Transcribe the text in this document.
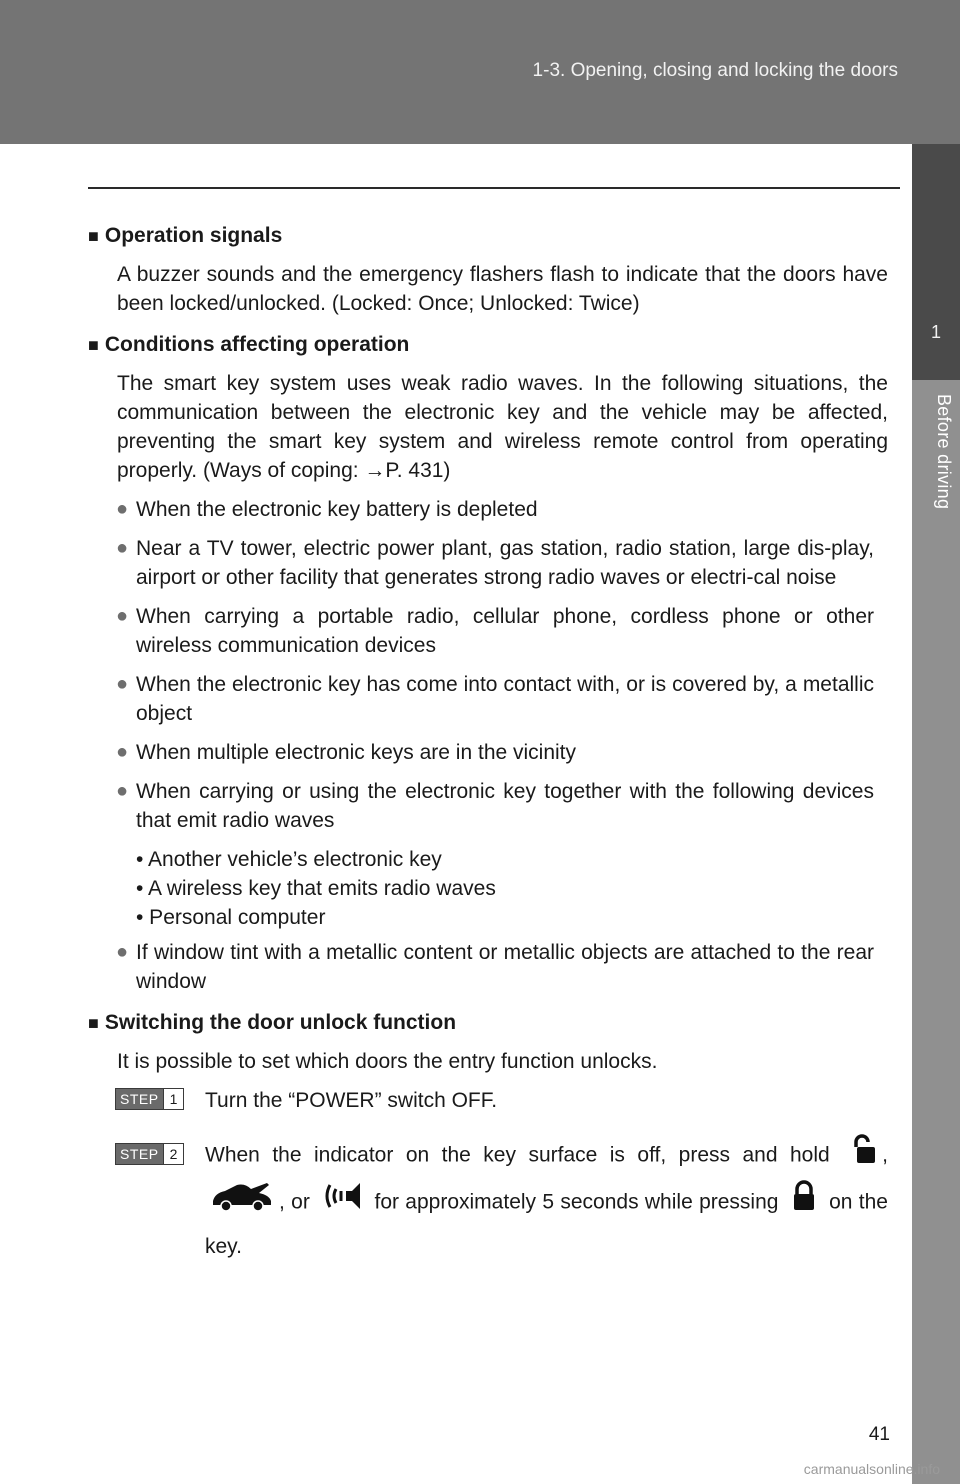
1-3. Opening, closing and locking the doors
1
Before driving
■ Operation signals
A buzzer sounds and the emergency flashers flash to indicate that the doors have been locked/unlocked. (Locked: Once; Unlocked: Twice)
■ Conditions affecting operation
The smart key system uses weak radio waves. In the following situations, the communication between the electronic key and the vehicle may be affected, preventing the smart key system and wireless remote control from operating properly. (Ways of coping: →P. 431)
● When the electronic key battery is depleted
● Near a TV tower, electric power plant, gas station, radio station, large dis-play, airport or other facility that generates strong radio waves or electri-cal noise
● When carrying a portable radio, cellular phone, cordless phone or other wireless communication devices
● When the electronic key has come into contact with, or is covered by, a metallic object
● When multiple electronic keys are in the vicinity
● When carrying or using the electronic key together with the following devices that emit radio waves
• Another vehicle’s electronic key
• A wireless key that emits radio waves
• Personal computer
● If window tint with a metallic content or metallic objects are attached to the rear window
■ Switching the door unlock function
It is possible to set which doors the entry function unlocks.
STEP 1 Turn the “POWER” switch OFF.
STEP 2 When the indicator on the key surface is off, press and hold , , or	for approximately 5 seconds while pressing on the key.
41
carmanualsonline.info
